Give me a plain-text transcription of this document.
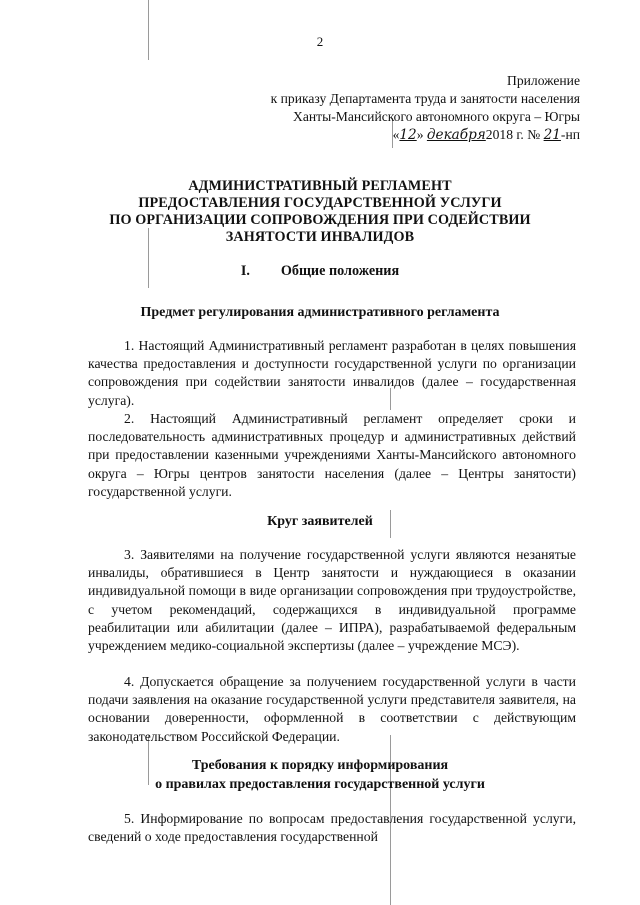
2
Приложение
к приказу Департамента труда и занятости населения
Ханты-Мансийского автономного округа – Югры
«12» декабря2018 г. № 21-нп
АДМИНИСТРАТИВНЫЙ РЕГЛАМЕНТ
ПРЕДОСТАВЛЕНИЯ ГОСУДАРСТВЕННОЙ УСЛУГИ
ПО ОРГАНИЗАЦИИ СОПРОВОЖДЕНИЯ ПРИ СОДЕЙСТВИИ
ЗАНЯТОСТИ ИНВАЛИДОВ
I. Общие положения
Предмет регулирования административного регламента

1. Настоящий Административный регламент разработан в целях повышения качества предоставления и доступности государственной услуги по организации сопровождения при содействии занятости инвалидов (далее – государственная услуга).

2. Настоящий Административный регламент определяет сроки и последовательность административных процедур и административных действий при предоставлении казенными учреждениями Ханты-Мансийского автономного округа – Югры центров занятости населения (далее – Центры занятости) государственной услуги.

Круг заявителей

3. Заявителями на получение государственной услуги являются незанятые инвалиды, обратившиеся в Центр занятости и нуждающиеся в оказании индивидуальной помощи в виде организации сопровождения при трудоустройстве, с учетом рекомендаций, содержащихся в индивидуальной программе реабилитации или абилитации (далее – ИПРА), разрабатываемой федеральным учреждением медико-социальной экспертизы (далее – учреждение МСЭ).

4. Допускается обращение за получением государственной услуги в части подачи заявления на оказание государственной услуги представителя заявителя, на основании доверенности, оформленной в соответствии с действующим законодательством Российской Федерации.

Требования к порядку информирования
о правилах предоставления государственной услуги

5. Информирование по вопросам предоставления государственной услуги, сведений о ходе предоставления государственной
